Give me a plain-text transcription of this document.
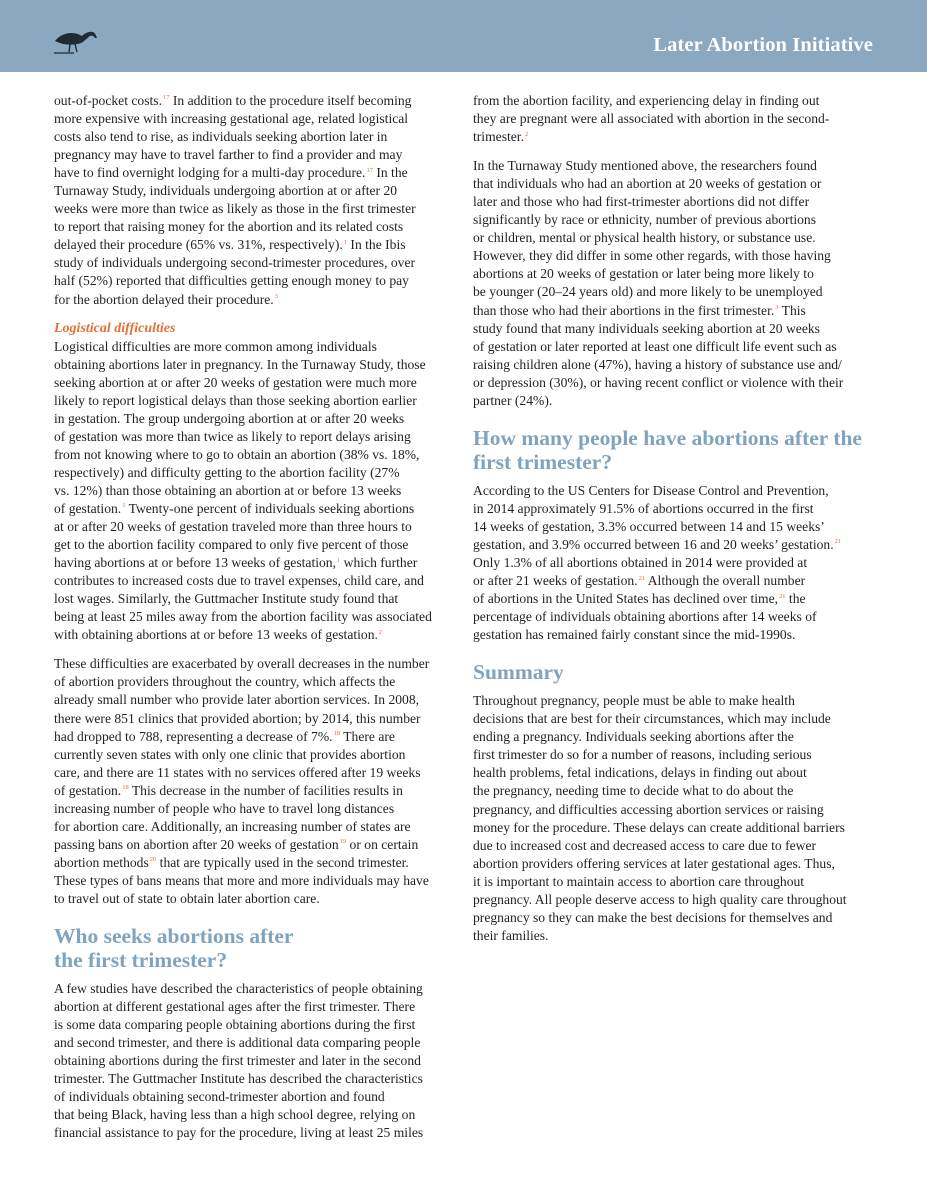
Later Abortion Initiative

out-of-pocket costs.$^{17}$ In addition to the procedure itself becoming
more expensive with increasing gestational age, related logistical
costs also tend to rise, as individuals seeking abortion later in
pregnancy may have to travel farther to find a provider and may
have to find overnight lodging for a multi-day procedure.$^{17}$ In the
Turnaway Study, individuals undergoing abortion at or after 20
weeks were more than twice as likely as those in the first trimester
to report that raising money for the abortion and its related costs
delayed their procedure (65% vs. 31%, respectively).$^1$ In the Ibis
study of individuals undergoing second-trimester procedures, over
half (52%) reported that difficulties getting enough money to pay
for the abortion delayed their procedure.$^3$

Logistical difficulties

Logistical difficulties are more common among individuals
obtaining abortions later in pregnancy. In the Turnaway Study, those
seeking abortion at or after 20 weeks of gestation were much more
likely to report logistical delays than those seeking abortion earlier
in gestation. The group undergoing abortion at or after 20 weeks
of gestation was more than twice as likely to report delays arising
from not knowing where to go to obtain an abortion (38% vs. 18%,
respectively) and difficulty getting to the abortion facility (27%
vs. 12%) than those obtaining an abortion at or before 13 weeks
of gestation.$^1$ Twenty-one percent of individuals seeking abortions
at or after 20 weeks of gestation traveled more than three hours to
get to the abortion facility compared to only five percent of those
having abortions at or before 13 weeks of gestation,$^1$ which further
contributes to increased costs due to travel expenses, child care, and
lost wages. Similarly, the Guttmacher Institute study found that
being at least 25 miles away from the abortion facility was associated
with obtaining abortions at or before 13 weeks of gestation.$^2$

These difficulties are exacerbated by overall decreases in the number
of abortion providers throughout the country, which affects the
already small number who provide later abortion services. In 2008,
there were 851 clinics that provided abortion; by 2014, this number
had dropped to 788, representing a decrease of 7%.$^{18}$ There are
currently seven states with only one clinic that provides abortion
care, and there are 11 states with no services offered after 19 weeks
of gestation.$^{18}$ This decrease in the number of facilities results in
increasing number of people who have to travel long distances
for abortion care. Additionally, an increasing number of states are
passing bans on abortion after 20 weeks of gestation$^{19}$ or on certain
abortion methods$^{20}$ that are typically used in the second trimester.
These types of bans means that more and more individuals may have
to travel out of state to obtain later abortion care.

Who seeks abortions after
the first trimester?

A few studies have described the characteristics of people obtaining
abortion at different gestational ages after the first trimester. There
is some data comparing people obtaining abortions during the first
and second trimester, and there is additional data comparing people
obtaining abortions during the first trimester and later in the second
trimester. The Guttmacher Institute has described the characteristics
of individuals obtaining second-trimester abortion and found
that being Black, having less than a high school degree, relying on
financial assistance to pay for the procedure, living at least 25 miles

from the abortion facility, and experiencing delay in finding out
they are pregnant were all associated with abortion in the second-
trimester.$^2$

In the Turnaway Study mentioned above, the researchers found
that individuals who had an abortion at 20 weeks of gestation or
later and those who had first-trimester abortions did not differ
significantly by race or ethnicity, number of previous abortions
or children, mental or physical health history, or substance use.
However, they did differ in some other regards, with those having
abortions at 20 weeks of gestation or later being more likely to
be younger (20–24 years old) and more likely to be unemployed
than those who had their abortions in the first trimester.$^3$ This
study found that many individuals seeking abortion at 20 weeks
of gestation or later reported at least one difficult life event such as
raising children alone (47%), having a history of substance use and/
or depression (30%), or having recent conflict or violence with their
partner (24%).

How many people have abortions after the
first trimester?

According to the US Centers for Disease Control and Prevention,
in 2014 approximately 91.5% of abortions occurred in the first
14 weeks of gestation, 3.3% occurred between 14 and 15 weeks’
gestation, and 3.9% occurred between 16 and 20 weeks’ gestation.$^{21}$
Only 1.3% of all abortions obtained in 2014 were provided at
or after 21 weeks of gestation.$^{21}$ Although the overall number
of abortions in the United States has declined over time,$^{21}$ the
percentage of individuals obtaining abortions after 14 weeks of
gestation has remained fairly constant since the mid-1990s.

Summary

Throughout pregnancy, people must be able to make health
decisions that are best for their circumstances, which may include
ending a pregnancy. Individuals seeking abortions after the
first trimester do so for a number of reasons, including serious
health problems, fetal indications, delays in finding out about
the pregnancy, needing time to decide what to do about the
pregnancy, and difficulties accessing abortion services or raising
money for the procedure. These delays can create additional barriers
due to increased cost and decreased access to care due to fewer
abortion providers offering services at later gestational ages. Thus,
it is important to maintain access to abortion care throughout
pregnancy. All people deserve access to high quality care throughout
pregnancy so they can make the best decisions for themselves and
their families.
